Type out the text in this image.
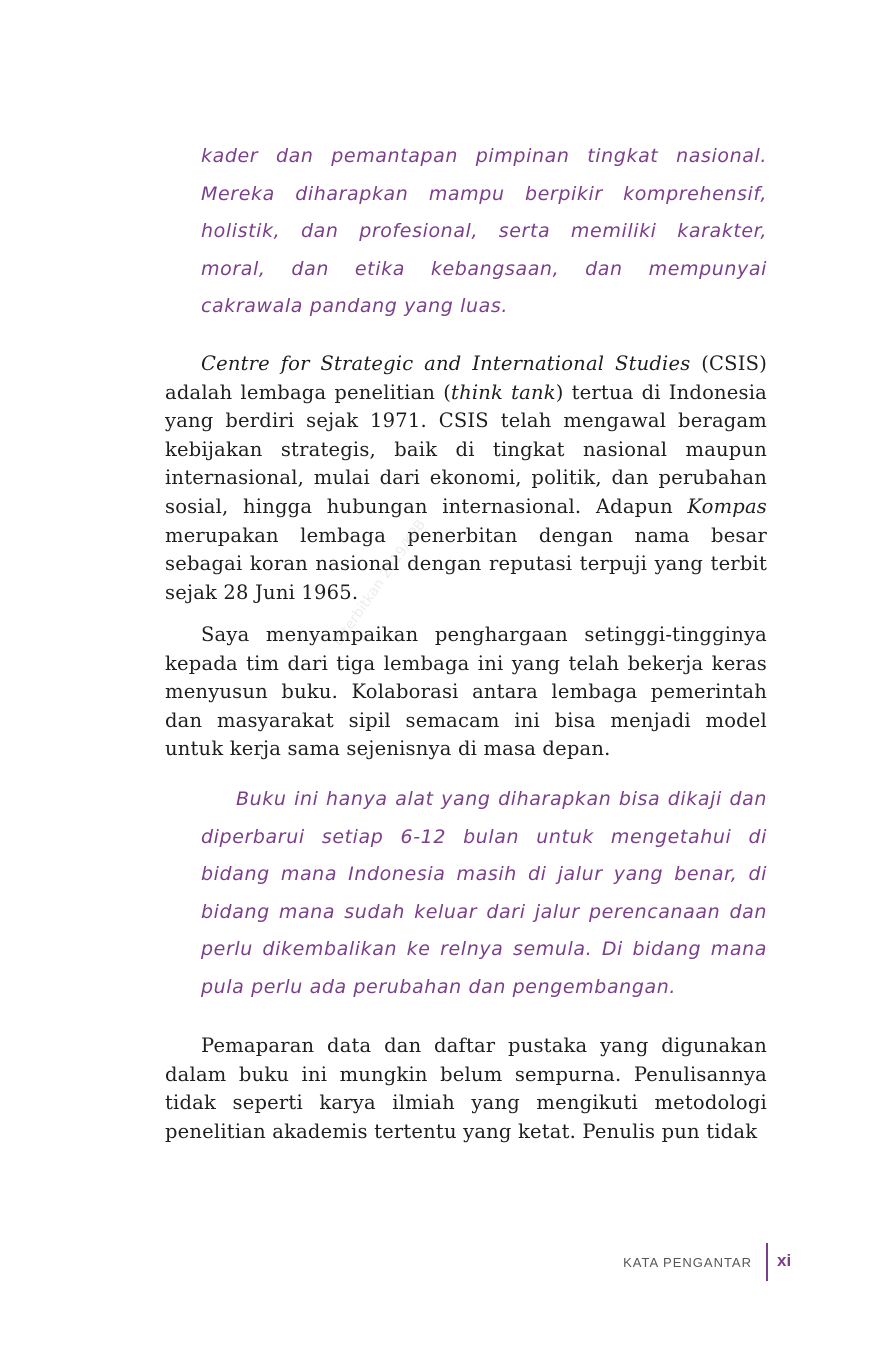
kader dan pemantapan pimpinan tingkat nasional. Mereka diharapkan mampu berpikir komprehensif, holistik, dan profesional, serta memiliki karakter, moral, dan etika kebangsaan, dan mempunyai cakrawala pandang yang luas.

Centre for Strategic and International Studies (CSIS) adalah lembaga penelitian (think tank) tertua di Indonesia yang berdiri sejak 1971. CSIS telah mengawal beragam kebijakan strategis, baik di tingkat nasional maupun internasional, mulai dari ekonomi, politik, dan perubahan sosial, hingga hubungan internasional. Adapun Kompas merupakan lembaga penerbitan dengan nama besar sebagai koran nasional dengan reputasi terpuji yang terbit sejak 28 Juni 1965.

Saya menyampaikan penghargaan setinggi-tingginya kepada tim dari tiga lembaga ini yang telah bekerja keras menyusun buku. Kolaborasi antara lembaga pemerintah dan masyarakat sipil semacam ini bisa menjadi model untuk kerja sama sejenisnya di masa depan.

Diterbitkan 2019/KPB

Buku ini hanya alat yang diharapkan bisa dikaji dan diperbarui setiap 6-12 bulan untuk mengetahui di bidang mana Indonesia masih di jalur yang benar, di bidang mana sudah keluar dari jalur perencanaan dan perlu dikembalikan ke relnya semula. Di bidang mana pula perlu ada perubahan dan pengembangan.

Pemaparan data dan daftar pustaka yang digunakan dalam buku ini mungkin belum sempurna. Penulisannya tidak seperti karya ilmiah yang mengikuti metodologi penelitian akademis tertentu yang ketat. Penulis pun tidak

KATA PENGANTAR xi
